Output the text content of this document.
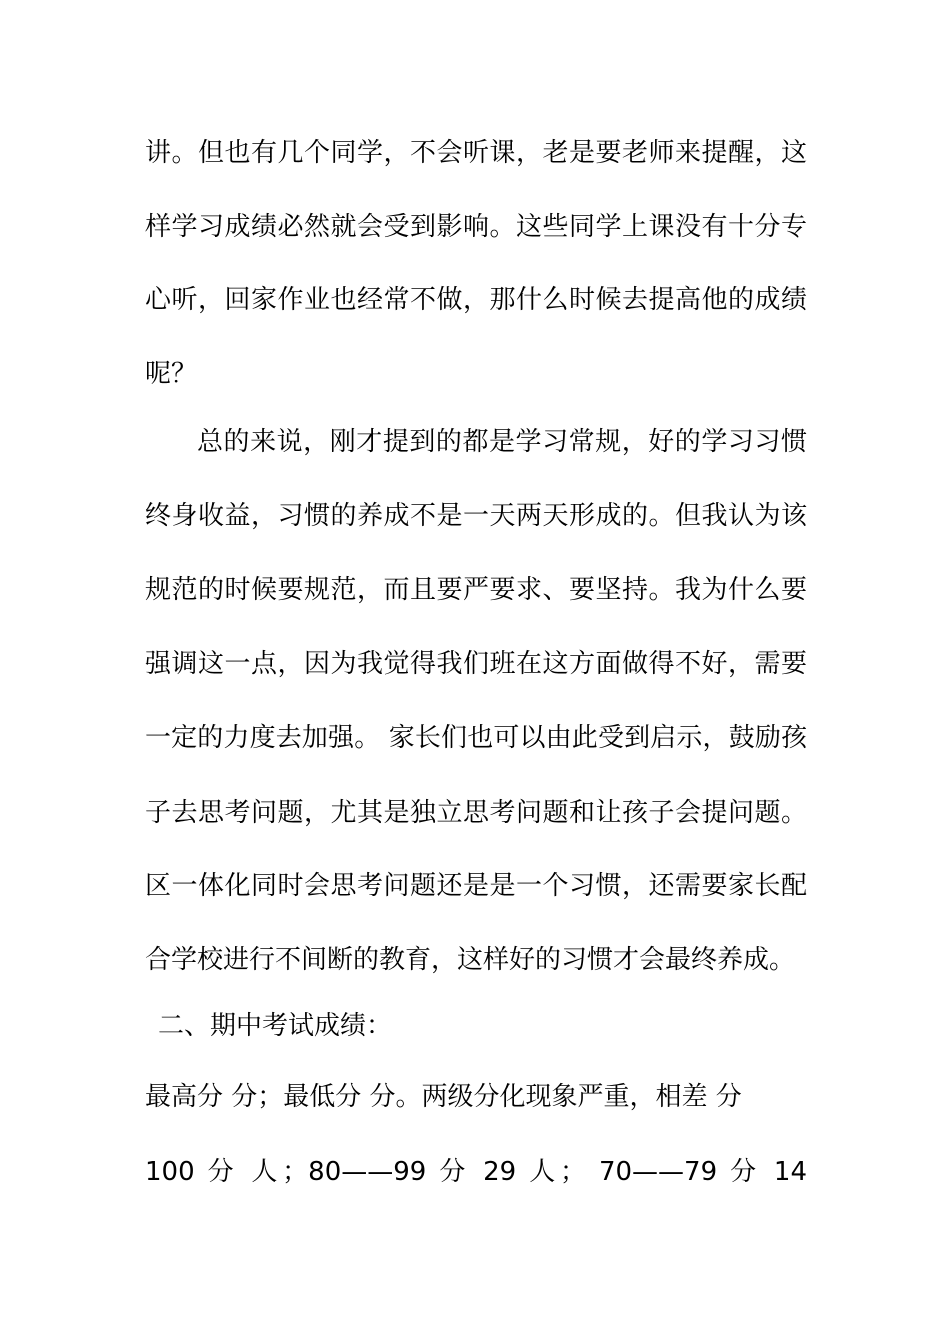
讲。但也有几个同学，不会听课，老是要老师来提醒，这
样学习成绩必然就会受到影响。这些同学上课没有十分专
心听，回家作业也经常不做，那什么时候去提高他的成绩
呢？
总的来说，刚才提到的都是学习常规，好的学习习惯
终身收益，习惯的养成不是一天两天形成的。但我认为该
规范的时候要规范，而且要严要求、要坚持。我为什么要
强调这一点，因为我觉得我们班在这方面做得不好，需要
一定的力度去加强。 家长们也可以由此受到启示，鼓励孩
子去思考问题，尤其是独立思考问题和让孩子会提问题。
区一体化同时会思考问题还是是一个习惯，还需要家长配
合学校进行不间断的教育，这样好的习惯才会最终养成。
二、期中考试成绩：
最高分 分；最低分 分。两级分化现象严重，相差 分
100 分 人；80——99 分 29 人； 70——79 分 14
